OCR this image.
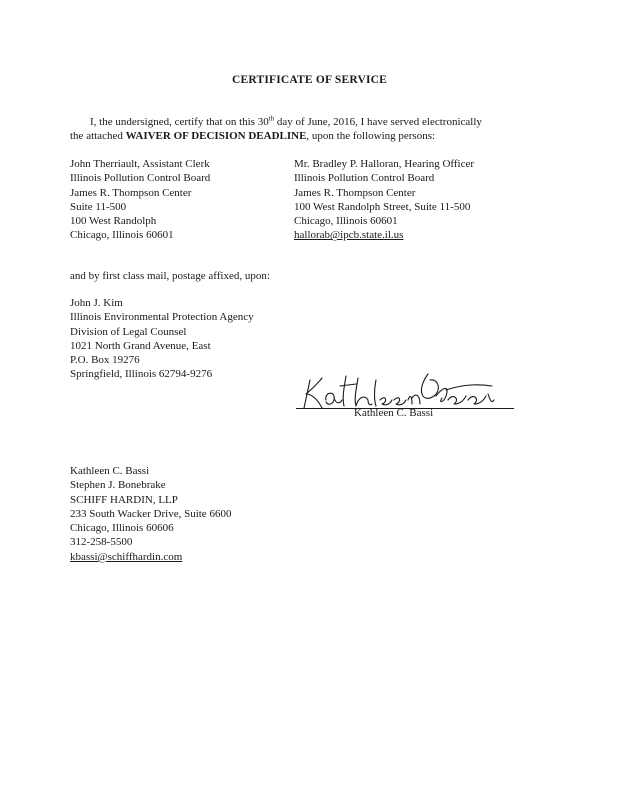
CERTIFICATE OF SERVICE
I, the undersigned, certify that on this 30th day of June, 2016, I have served electronically
the attached WAIVER OF DECISION DEADLINE, upon the following persons:
John Therriault, Assistant Clerk
Illinois Pollution Control Board
James R. Thompson Center
Suite 11-500
100 West Randolph
Chicago, Illinois 60601
Mr. Bradley P. Halloran, Hearing Officer
Illinois Pollution Control Board
James R. Thompson Center
100 West Randolph Street, Suite 11-500
Chicago, Illinois 60601
hallorab@ipcb.state.il.us
and by first class mail, postage affixed, upon:
John J. Kim
Illinois Environmental Protection Agency
Division of Legal Counsel
1021 North Grand Avenue, East
P.O. Box 19276
Springfield, Illinois 62794-9276
Kathleen C. Bassi
Kathleen C. Bassi
Stephen J. Bonebrake
SCHIFF HARDIN, LLP
233 South Wacker Drive, Suite 6600
Chicago, Illinois 60606
312-258-5500
kbassi@schiffhardin.com
